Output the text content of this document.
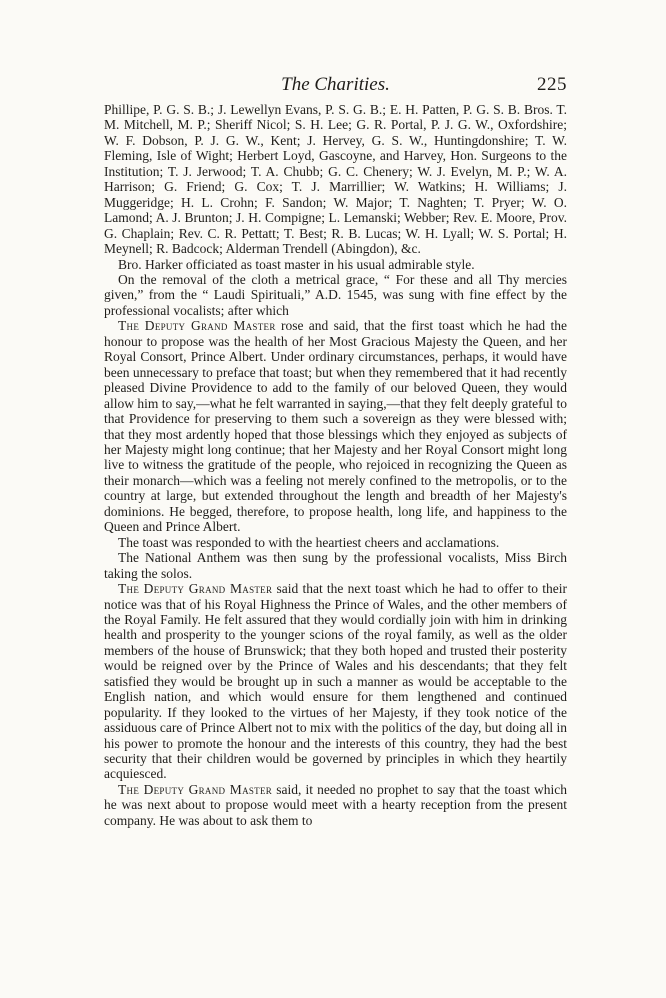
The Charities.	225

Phillipe, P. G. S. B.; J. Lewellyn Evans, P. S. G. B.; E. H. Patten, P. G. S. B. Bros. T. M. Mitchell, M. P.; Sheriff Nicol; S. H. Lee; G. R. Portal, P. J. G. W., Oxfordshire; W. F. Dobson, P. J. G. W., Kent; J. Hervey, G. S. W., Huntingdonshire; T. W. Fleming, Isle of Wight; Herbert Loyd, Gascoyne, and Harvey, Hon. Surgeons to the Institution; T. J. Jerwood; T. A. Chubb; G. C. Chenery; W. J. Evelyn, M. P.; W. A. Harrison; G. Friend; G. Cox; T. J. Marrillier; W. Watkins; H. Williams; J. Muggeridge; H. L. Crohn; F. Sandon; W. Major; T. Naghten; T. Pryer; W. O. Lamond; A. J. Brunton; J. H. Compigne; L. Lemanski; Webber; Rev. E. Moore, Prov. G. Chaplain; Rev. C. R. Pettatt; T. Best; R. B. Lucas; W. H. Lyall; W. S. Portal; H. Meynell; R. Badcock; Alderman Trendell (Abingdon), &c.

Bro. Harker officiated as toast master in his usual admirable style.

On the removal of the cloth a metrical grace, “ For these and all Thy mercies given,” from the “ Laudi Spirituali,” A.D. 1545, was sung with fine effect by the professional vocalists; after which

The Deputy Grand Master rose and said, that the first toast which he had the honour to propose was the health of her Most Gracious Majesty the Queen, and her Royal Consort, Prince Albert. Under ordinary circumstances, perhaps, it would have been unnecessary to preface that toast; but when they remembered that it had recently pleased Divine Providence to add to the family of our beloved Queen, they would allow him to say,—what he felt warranted in saying,—that they felt deeply grateful to that Providence for preserving to them such a sovereign as they were blessed with; that they most ardently hoped that those blessings which they enjoyed as subjects of her Majesty might long continue; that her Majesty and her Royal Consort might long live to witness the gratitude of the people, who rejoiced in recognizing the Queen as their monarch—which was a feeling not merely confined to the metropolis, or to the country at large, but extended throughout the length and breadth of her Majesty's dominions. He begged, therefore, to propose health, long life, and happiness to the Queen and Prince Albert.

The toast was responded to with the heartiest cheers and acclamations.

The National Anthem was then sung by the professional vocalists, Miss Birch taking the solos.

The Deputy Grand Master said that the next toast which he had to offer to their notice was that of his Royal Highness the Prince of Wales, and the other members of the Royal Family. He felt assured that they would cordially join with him in drinking health and prosperity to the younger scions of the royal family, as well as the older members of the house of Brunswick; that they both hoped and trusted their posterity would be reigned over by the Prince of Wales and his descendants; that they felt satisfied they would be brought up in such a manner as would be acceptable to the English nation, and which would ensure for them lengthened and continued popularity. If they looked to the virtues of her Majesty, if they took notice of the assiduous care of Prince Albert not to mix with the politics of the day, but doing all in his power to promote the honour and the interests of this country, they had the best security that their children would be governed by principles in which they heartily acquiesced.

The Deputy Grand Master said, it needed no prophet to say that the toast which he was next about to propose would meet with a hearty reception from the present company. He was about to ask them to
